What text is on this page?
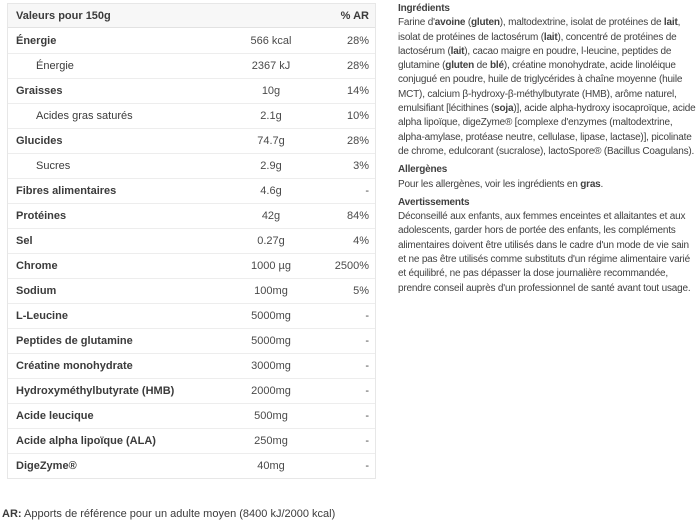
Valeurs pour 150g	% AR
Énergie	566 kcal	28%
Énergie	2367 kJ	28%
Graisses	10g	14%
Acides gras saturés	2.1g	10%
Glucides	74.7g	28%
Sucres	2.9g	3%
Fibres alimentaires	4.6g	-
Protéines	42g	84%
Sel	0.27g	4%
Chrome	1000 µg	2500%
Sodium	100mg	5%
L-Leucine	5000mg	-
Peptides de glutamine	5000mg	-
Créatine monohydrate	3000mg	-
Hydroxyméthylbutyrate (HMB)	2000mg	-
Acide leucique	500mg	-
Acide alpha lipoïque (ALA)	250mg	-
DigeZyme®	40mg	-

AR: Apports de référence pour un adulte moyen (8400 kJ/2000 kcal)

Ingrédients

Farine d'avoine (gluten), maltodextrine, isolat de protéines de lait, isolat de protéines de lactosérum (lait), concentré de protéines de lactosérum (lait), cacao maigre en poudre, l-leucine, peptides de glutamine (gluten de blé), créatine monohydrate, acide linoléique conjugué en poudre, huile de triglycérides à chaîne moyenne (huile MCT), calcium β-hydroxy-β-méthylbutyrate (HMB), arôme naturel, emulsifiant [lécithines (soja)], acide alpha-hydroxy isocaproïque, acide alpha lipoïque, digeZyme® [complexe d'enzymes (maltodextrine, alpha-amylase, protéase neutre, cellulase, lipase, lactase)], picolinate de chrome, edulcorant (sucralose), lactoSpore® (Bacillus Coagulans).

Allergènes

Pour les allergènes, voir les ingrédients en gras.

Avertissements

Déconseillé aux enfants, aux femmes enceintes et allaitantes et aux adolescents, garder hors de portée des enfants, les compléments alimentaires doivent être utilisés dans le cadre d'un mode de vie sain et ne pas être utilisés comme substituts d'un régime alimentaire varié et équilibré, ne pas dépasser la dose journalière recommandée, prendre conseil auprès d'un professionnel de santé avant tout usage.
